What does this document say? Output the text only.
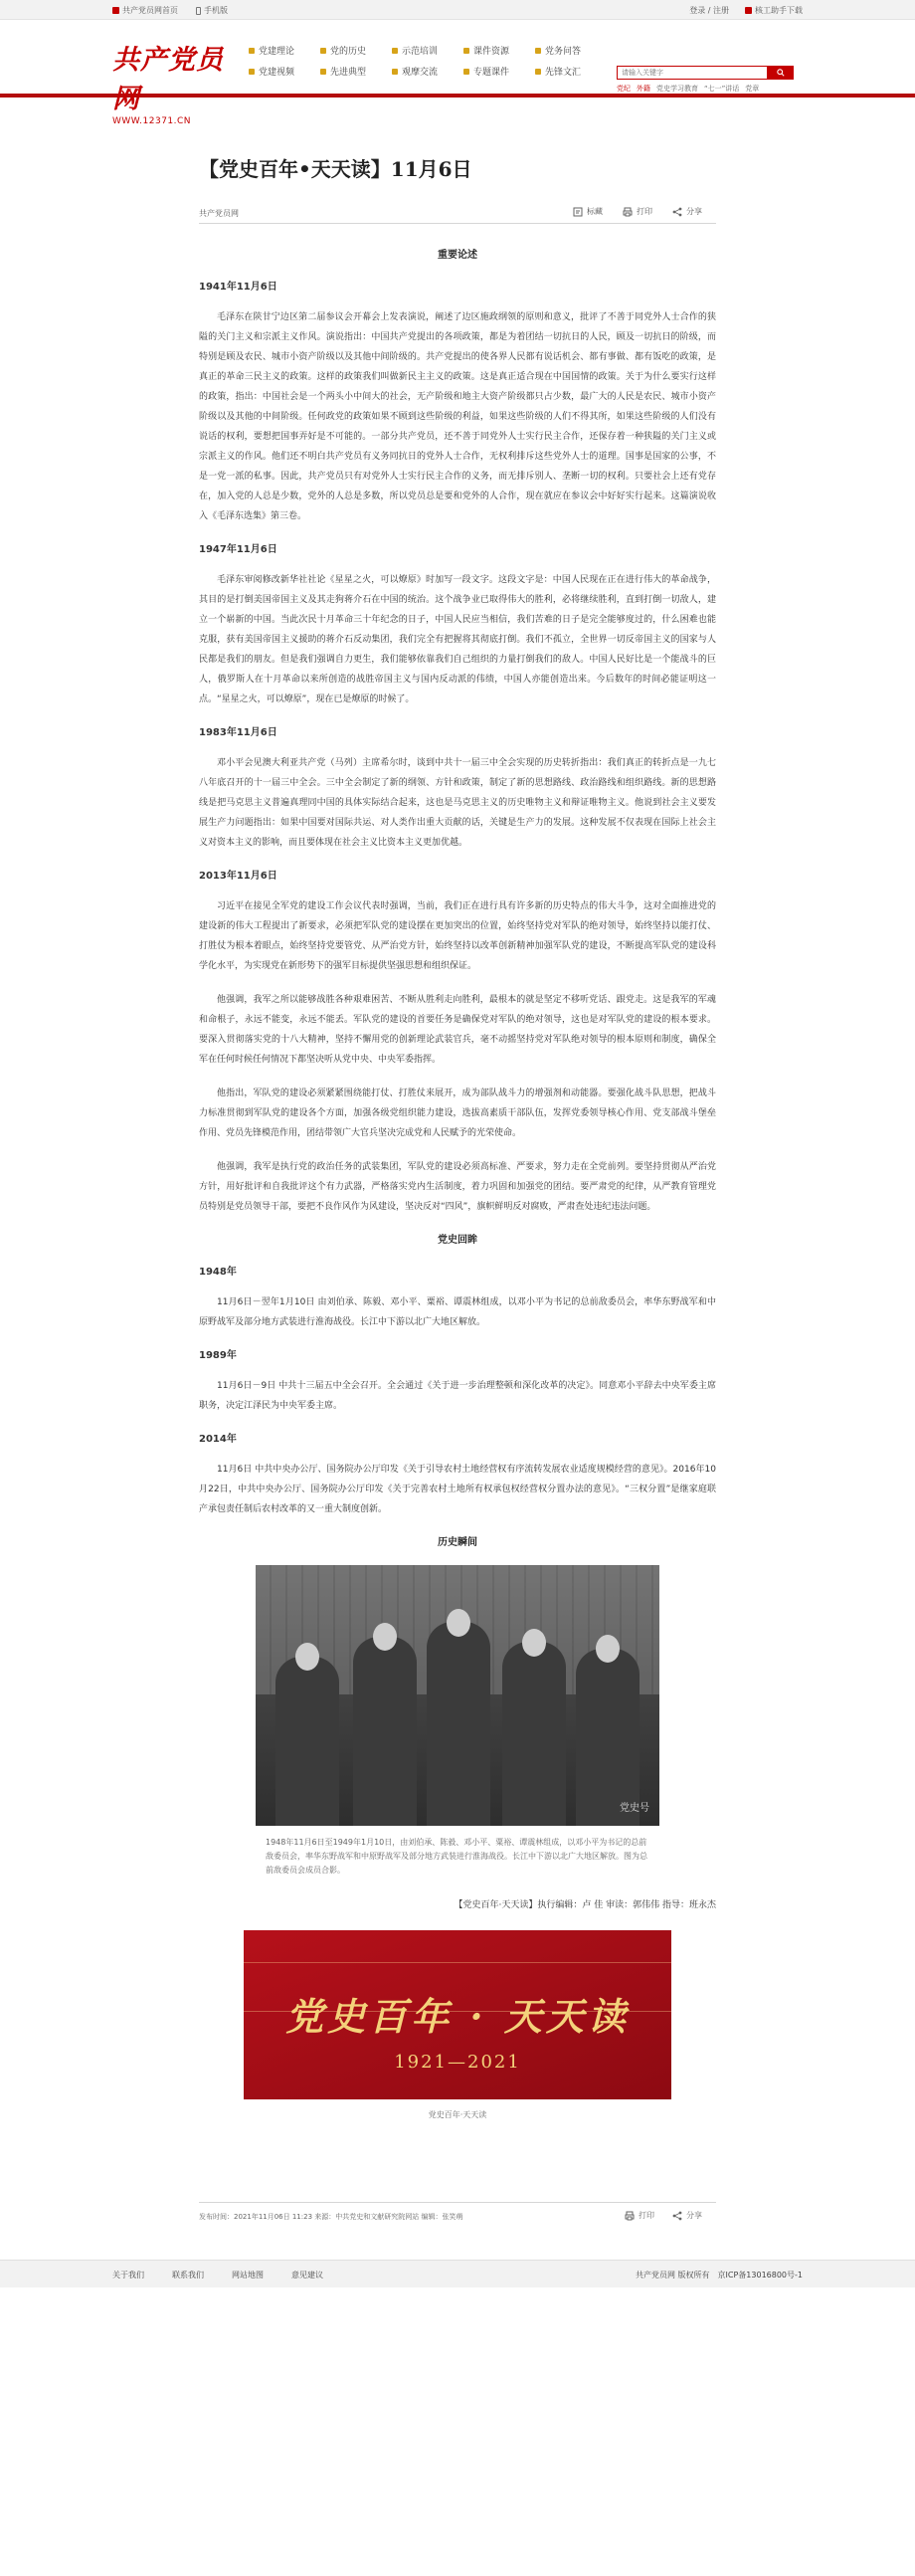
共产党员网首页	手机版	登录 / 注册	核工助手下载
共产党员网
WWW.12371.CN
党建理论	党的历史	示范培训	课件资源	党务问答
党建视频	先进典型	观摩交流	专题课件	先锋文汇
请输入关键字
党纪 外籍 党史学习教育 “七一”讲话 党章
【党史百年•天天读】11月6日
共产党员网	标藏	打印	分享
重要论述
1941年11月6日
毛泽东在陕甘宁边区第二届参议会开幕会上发表演说，阐述了边区施政纲领的原则和意义，批评了不善于同党外人士合作的狭隘的关门主义和宗派主义作风。演说指出：中国共产党提出的各项政策，都是为着团结一切抗日的人民，顾及一切抗日的阶级，而特别是顾及农民、城市小资产阶级以及其他中间阶级的。共产党提出的使各界人民都有说话机会、都有事做、都有饭吃的政策，是真正的革命三民主义的政策。这样的政策我们叫做新民主主义的政策。这是真正适合现在中国国情的政策。关于为什么要实行这样的政策，指出：中国社会是一个两头小中间大的社会，无产阶级和地主大资产阶级都只占少数，最广大的人民是农民、城市小资产阶级以及其他的中间阶级。任何政党的政策如果不顾到这些阶级的利益，如果这些阶级的人们不得其所，如果这些阶级的人们没有说话的权利，要想把国事弄好是不可能的。一部分共产党员，还不善于同党外人士实行民主合作，还保存着一种狭隘的关门主义或宗派主义的作风。他们还不明白共产党员有义务同抗日的党外人士合作，无权利排斥这些党外人士的道理。国事是国家的公事，不是一党一派的私事。因此，共产党员只有对党外人士实行民主合作的义务，而无排斥别人、垄断一切的权利。只要社会上还有党存在，加入党的人总是少数，党外的人总是多数，所以党员总是要和党外的人合作，现在就应在参议会中好好实行起来。这篇演说收入《毛泽东选集》第三卷。
1947年11月6日
毛泽东审阅修改新华社社论《星星之火，可以燎原》时加写一段文字。这段文字是：中国人民现在正在进行伟大的革命战争，其目的是打倒美国帝国主义及其走狗蒋介石在中国的统治。这个战争业已取得伟大的胜利，必将继续胜利，直到打倒一切敌人，建立一个崭新的中国。当此次民十月革命三十年纪念的日子，中国人民应当相信，我们苦难的日子是完全能够度过的，什么困难也能克服，获有美国帝国主义援助的蒋介石反动集团，我们完全有把握将其彻底打倒。我们不孤立，全世界一切反帝国主义的国家与人民都是我们的朋友。但是我们强调自力更生，我们能够依靠我们自己组织的力量打倒我们的敌人。中国人民好比是一个能战斗的巨人，俄罗斯人在十月革命以来所创造的战胜帝国主义与国内反动派的伟绩，中国人亦能创造出来。今后数年的时间必能证明这一点。“星星之火，可以燎原”，现在已是燎原的时候了。
1983年11月6日
邓小平会见澳大利亚共产党（马列）主席希尔时，谈到中共十一届三中全会实现的历史转折指出：我们真正的转折点是一九七八年底召开的十一届三中全会。三中全会制定了新的纲领、方针和政策，制定了新的思想路线、政治路线和组织路线。新的思想路线是把马克思主义普遍真理同中国的具体实际结合起来，这也是马克思主义的历史唯物主义和辩证唯物主义。他说到社会主义要发展生产力问题指出：如果中国要对国际共运、对人类作出重大贡献的话，关键是生产力的发展。这种发展不仅表现在国际上社会主义对资本主义的影响，而且要体现在社会主义比资本主义更加优越。
2013年11月6日
习近平在接见全军党的建设工作会议代表时强调，当前，我们正在进行具有许多新的历史特点的伟大斗争，这对全面推进党的建设新的伟大工程提出了新要求，必须把军队党的建设摆在更加突出的位置，始终坚持党对军队的绝对领导，始终坚持以能打仗、打胜仗为根本着眼点，始终坚持党要管党、从严治党方针，始终坚持以改革创新精神加强军队党的建设，不断提高军队党的建设科学化水平，为实现党在新形势下的强军目标提供坚强思想和组织保证。
他强调，我军之所以能够战胜各种艰难困苦、不断从胜利走向胜利，最根本的就是坚定不移听党话、跟党走。这是我军的军魂和命根子，永远不能变，永远不能丢。军队党的建设的首要任务是确保党对军队的绝对领导，这也是对军队党的建设的根本要求。要深入贯彻落实党的十八大精神，坚持不懈用党的创新理论武装官兵，毫不动摇坚持党对军队绝对领导的根本原则和制度，确保全军在任何时候任何情况下都坚决听从党中央、中央军委指挥。
他指出，军队党的建设必须紧紧围绕能打仗、打胜仗来展开，成为部队战斗力的增强剂和动能器。要强化战斗队思想，把战斗力标准贯彻到军队党的建设各个方面，加强各级党组织能力建设，选拔高素质干部队伍，发挥党委领导核心作用、党支部战斗堡垒作用、党员先锋模范作用，团结带领广大官兵坚决完成党和人民赋予的光荣使命。
他强调，我军是执行党的政治任务的武装集团，军队党的建设必须高标准、严要求，努力走在全党前列。要坚持贯彻从严治党方针，用好批评和自我批评这个有力武器，严格落实党内生活制度，着力巩固和加强党的团结。要严肃党的纪律，从严教育管理党员特别是党员领导干部，要把不良作风作为风建设，坚决反对“四风”，旗帜鲜明反对腐败，严肃查处违纪违法问题。
党史回眸
1948年
11月6日－翌年1月10日 由刘伯承、陈毅、邓小平、粟裕、谭震林组成，以邓小平为书记的总前敌委员会，率华东野战军和中原野战军及部分地方武装进行淮海战役。长江中下游以北广大地区解放。
1989年
11月6日－9日 中共十三届五中全会召开。全会通过《关于进一步治理整顿和深化改革的决定》。同意邓小平辞去中央军委主席职务，决定江泽民为中央军委主席。
2014年
11月6日 中共中央办公厅、国务院办公厅印发《关于引导农村土地经营权有序流转发展农业适度规模经营的意见》。2016年10月22日，中共中央办公厅、国务院办公厅印发《关于完善农村土地所有权承包权经营权分置办法的意见》。“三权分置”是继家庭联产承包责任制后农村改革的又一重大制度创新。
历史瞬间
党史号
1948年11月6日至1949年1月10日，由刘伯承、陈毅、邓小平、粟裕、谭震林组成，以邓小平为书记的总前敌委员会，率华东野战军和中原野战军及部分地方武装进行淮海战役。长江中下游以北广大地区解放。图为总前敌委员会成员合影。
【党史百年·天天读】执行编辑：卢 佳 审读：郭伟伟 指导：班永杰
党史百年 · 天天读
1921—2021
党史百年·天天读
发布时间：2021年11月06日 11:23 来源：中共党史和文献研究院网站 编辑：张笑萌	打印	分享
关于我们	联系我们	网站地图	意见建议	共产党员网 版权所有 京ICP备13016800号-1
